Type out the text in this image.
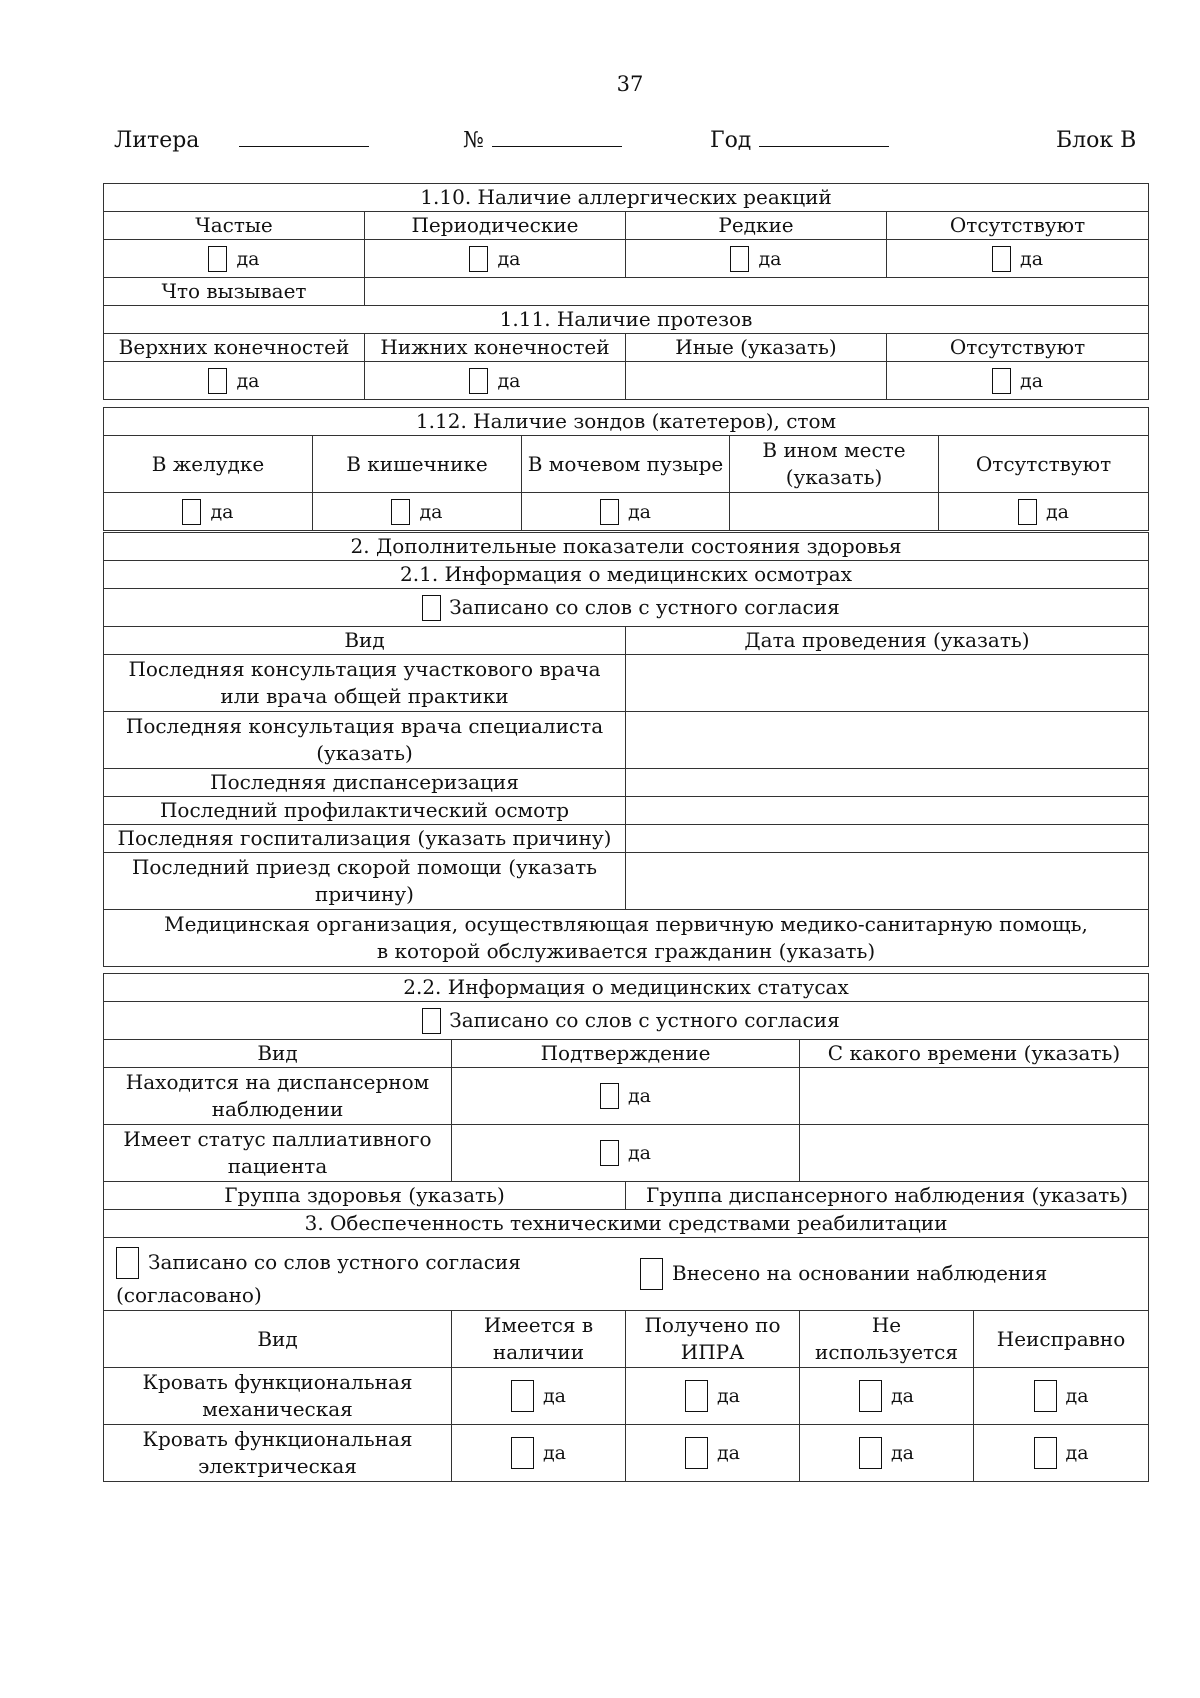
37
Литера	№	Год	Блок В
1.10. Наличие аллергических реакций			
Частые	Периодические	Редкие	Отсутствуют
да	да	да	да
Что вызывает			
1.11. Наличие протезов			
Верхних конечностей	Нижних конечностей	Иные (указать)	Отсутствуют
да	да		да
1.12. Наличие зондов (катетеров), стом				
В желудке	В кишечнике	В мочевом пузыре	В ином месте (указать)	Отсутствуют
да	да	да		да
2. Дополнительные показатели состояния здоровья	
2.1. Информация о медицинских осмотрах	
Записано со слов с устного согласия	
Вид	Дата проведения (указать)
Последняя консультация участкового врача или врача общей практики	
Последняя консультация врача специалиста (указать)	
Последняя диспансеризация	
Последний профилактический осмотр	
Последняя госпитализация (указать причину)	
Последний приезд скорой помощи (указать причину)	
Медицинская организация, осуществляющая первичную медико-санитарную помощь, в которой обслуживается гражданин (указать)	
2.2. Информация о медицинских статусах		
Записано со слов с устного согласия		
Вид	Подтверждение	С какого времени (указать)
Находится на диспансерном наблюдении	да	
Имеет статус паллиативного пациента	да	
Группа здоровья (указать)	Группа диспансерного наблюдения (указать)
3. Обеспеченность техническими средствами реабилитации				

Записано со слов устного согласия (согласовано)
Внесено на основании наблюдения				

Вид	Имеется в наличии	Получено по ИПРА	Не используется	Неисправно
Кровать функциональная механическая	да	да	да	да
Кровать функциональная электрическая	да	да	да	да
